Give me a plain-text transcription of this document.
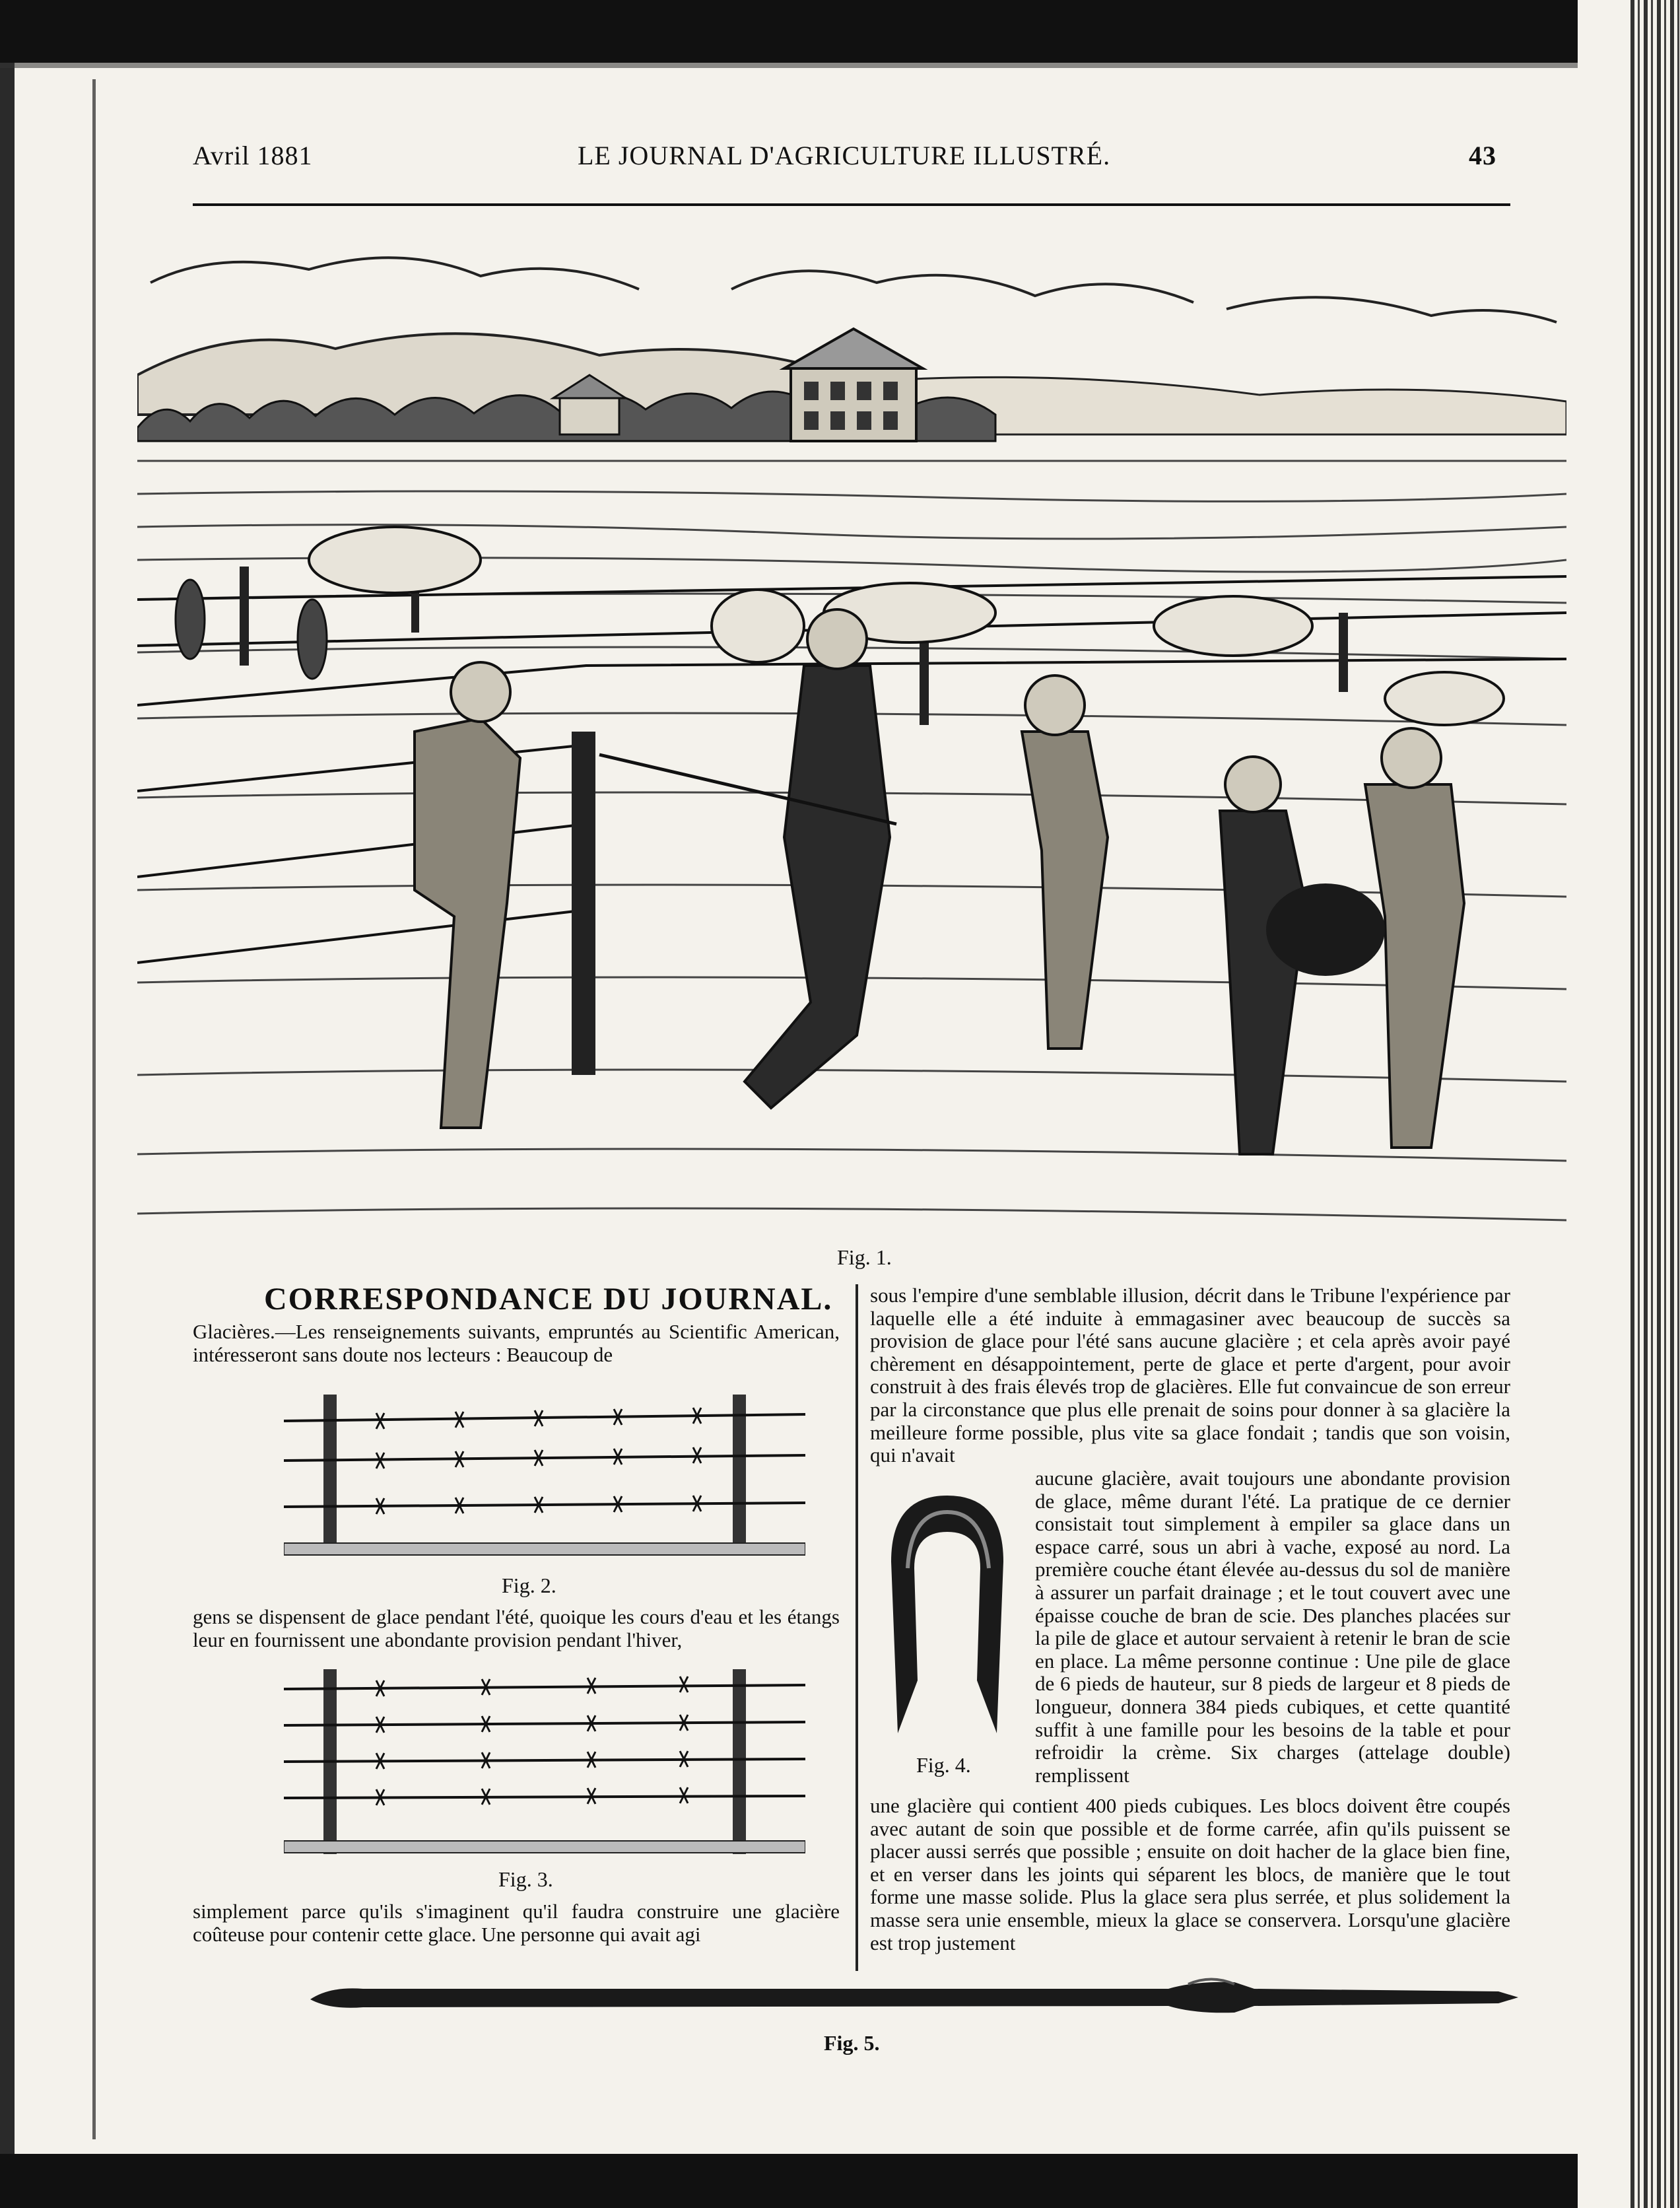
Avril 1881	LE JOURNAL D'AGRICULTURE ILLUSTRÉ.	43
Fig. 1.
CORRESPONDANCE DU JOURNAL.

Glacières.—Les renseignements suivants, empruntés au Scientific American, intéresseront sans doute nos lecteurs : Beaucoup de

Fig. 2.

gens se dispensent de glace pendant l'été, quoique les cours d'eau et les étangs leur en fournissent une abondante provision pendant l'hiver,

Fig. 3.

simplement parce qu'ils s'imaginent qu'il faudra construire une glacière coûteuse pour contenir cette glace. Une personne qui avait agi

sous l'empire d'une semblable illusion, décrit dans le Tribune l'expérience par laquelle elle a été induite à emmagasiner avec beaucoup de succès sa provision de glace pour l'été sans aucune glacière ; et cela après avoir payé chèrement en désappointement, perte de glace et perte d'argent, pour avoir construit à des frais élevés trop de glacières. Elle fut convaincue de son erreur par la circonstance que plus elle prenait de soins pour donner à sa glacière la meilleure forme possible, plus vite sa glace fondait ; tandis que son voisin, qui n'avait

Fig. 4.

aucune glacière, avait toujours une abondante provision de glace, même durant l'été. La pratique de ce dernier consistait tout simplement à empiler sa glace dans un espace carré, sous un abri à vache, exposé au nord. La première couche étant élevée au-dessus du sol de manière à assurer un parfait drainage ; et le tout couvert avec une épaisse couche de bran de scie. Des planches placées sur la pile de glace et autour servaient à retenir le bran de scie en place. La même personne continue : Une pile de glace de 6 pieds de hauteur, sur 8 pieds de largeur et 8 pieds de longueur, donnera 384 pieds cubiques, et cette quantité suffit à une famille pour les besoins de la table et pour refroidir la crème. Six charges (attelage double) remplissent

une glacière qui contient 400 pieds cubiques. Les blocs doivent être coupés avec autant de soin que possible et de forme carrée, afin qu'ils puissent se placer aussi serrés que possible ; ensuite on doit hacher de la glace bien fine, et en verser dans les joints qui séparent les blocs, de manière que le tout forme une masse solide. Plus la glace sera plus serrée, et plus solidement la masse sera unie ensemble, mieux la glace se conservera. Lorsqu'une glacière est trop justement

Fig. 5.
